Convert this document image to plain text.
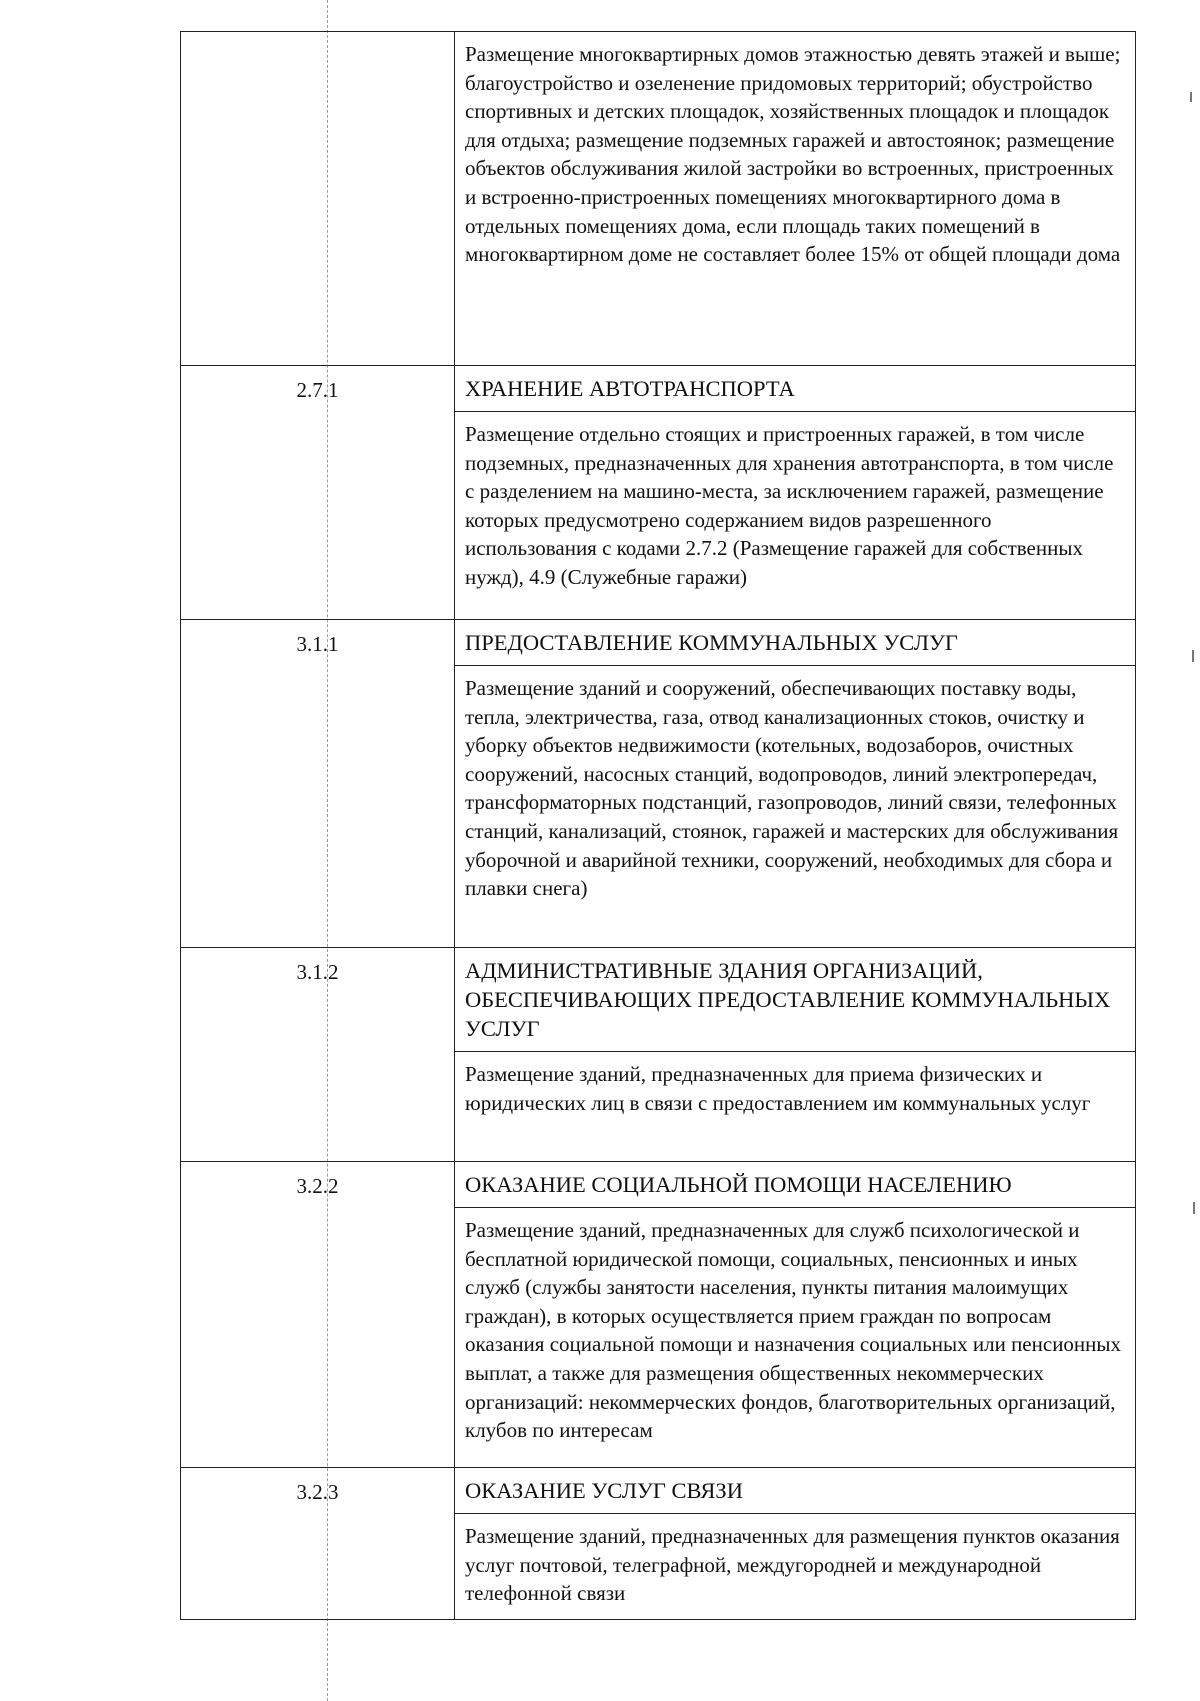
	Размещение многоквартирных домов этажностью девять этажей и выше; благоустройство и озеленение придомовых территорий; обустройство спортивных и детских площадок, хозяйственных площадок и площадок для отдыха; размещение подземных гаражей и автостоянок; размещение объектов обслуживания жилой застройки во встроенных, пристроенных и встроенно-пристроенных помещениях многоквартирного дома в отдельных помещениях дома, если площадь таких помещений в многоквартирном доме не составляет более 15% от общей площади дома
2.7.1	ХРАНЕНИЕ АВТОТРАНСПОРТА
	Размещение отдельно стоящих и пристроенных гаражей, в том числе подземных, предназначенных для хранения автотранспорта, в том числе с разделением на машино-места, за исключением гаражей, размещение которых предусмотрено содержанием видов разрешенного использования с кодами 2.7.2 (Размещение гаражей для собственных нужд), 4.9 (Служебные гаражи)
3.1.1	ПРЕДОСТАВЛЕНИЕ КОММУНАЛЬНЫХ УСЛУГ
	Размещение зданий и сооружений, обеспечивающих поставку воды, тепла, электричества, газа, отвод канализационных стоков, очистку и уборку объектов недвижимости (котельных, водозаборов, очистных сооружений, насосных станций, водопроводов, линий электропередач, трансформаторных подстанций, газопроводов, линий связи, телефонных станций, канализаций, стоянок, гаражей и мастерских для обслуживания уборочной и аварийной техники, сооружений, необходимых для сбора и плавки снега)
3.1.2	АДМИНИСТРАТИВНЫЕ ЗДАНИЯ ОРГАНИЗАЦИЙ, ОБЕСПЕЧИВАЮЩИХ ПРЕДОСТАВЛЕНИЕ КОММУНАЛЬНЫХ УСЛУГ
	Размещение зданий, предназначенных для приема физических и юридических лиц в связи с предоставлением им коммунальных услуг
3.2.2	ОКАЗАНИЕ СОЦИАЛЬНОЙ ПОМОЩИ НАСЕЛЕНИЮ
	Размещение зданий, предназначенных для служб психологической и бесплатной юридической помощи, социальных, пенсионных и иных служб (службы занятости населения, пункты питания малоимущих граждан), в которых осуществляется прием граждан по вопросам оказания социальной помощи и назначения социальных или пенсионных выплат, а также для размещения общественных некоммерческих организаций: некоммерческих фондов, благотворительных организаций, клубов по интересам
3.2.3	ОКАЗАНИЕ УСЛУГ СВЯЗИ
	Размещение зданий, предназначенных для размещения пунктов оказания услуг почтовой, телеграфной, междугородней и международной телефонной связи
